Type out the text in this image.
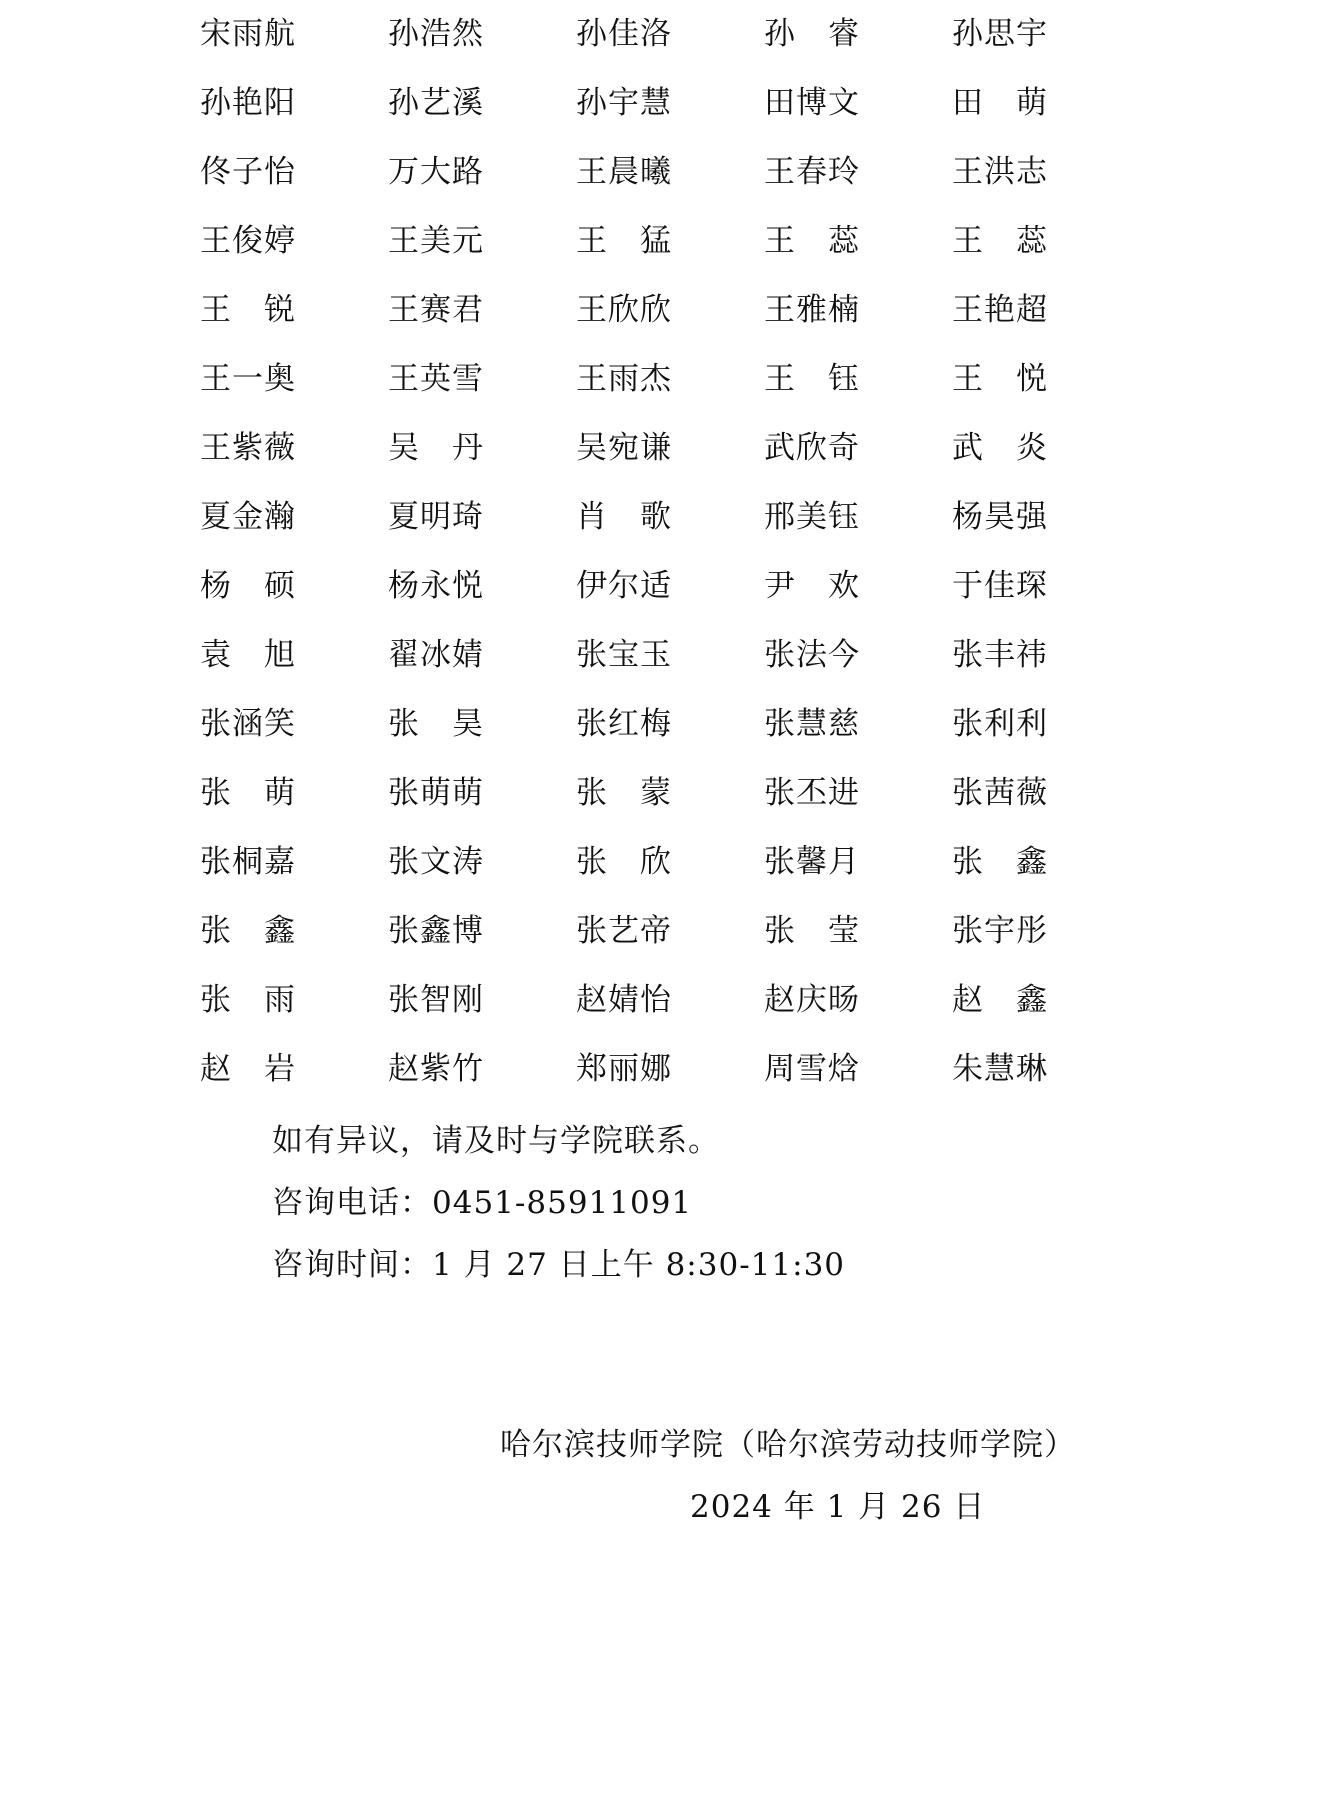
宋雨航	孙浩然	孙佳洛	孙　睿	孙思宇
孙艳阳	孙艺溪	孙宇慧	田博文	田　萌
佟子怡	万大路	王晨曦	王春玲	王洪志
王俊婷	王美元	王　猛	王　蕊	王　蕊
王　锐	王赛君	王欣欣	王雅楠	王艳超
王一奥	王英雪	王雨杰	王　钰	王　悦
王紫薇	吴　丹	吴宛谦	武欣奇	武　炎
夏金瀚	夏明琦	肖　歌	邢美钰	杨昊强
杨　硕	杨永悦	伊尔适	尹　欢	于佳琛
袁　旭	翟冰婧	张宝玉	张法今	张丰祎
张涵笑	张　昊	张红梅	张慧慈	张利利
张　萌	张萌萌	张　蒙	张丕进	张茜薇
张桐嘉	张文涛	张　欣	张馨月	张　鑫
张　鑫	张鑫博	张艺帝	张　莹	张宇彤
张　雨	张智刚	赵婧怡	赵庆旸	赵　鑫
赵　岩	赵紫竹	郑丽娜	周雪焓	朱慧琳
如有异议，请及时与学院联系。
咨询电话：0451-85911091
咨询时间：1 月 27 日上午 8:30-11:30
哈尔滨技师学院（哈尔滨劳动技师学院）
2024 年 1 月 26 日
